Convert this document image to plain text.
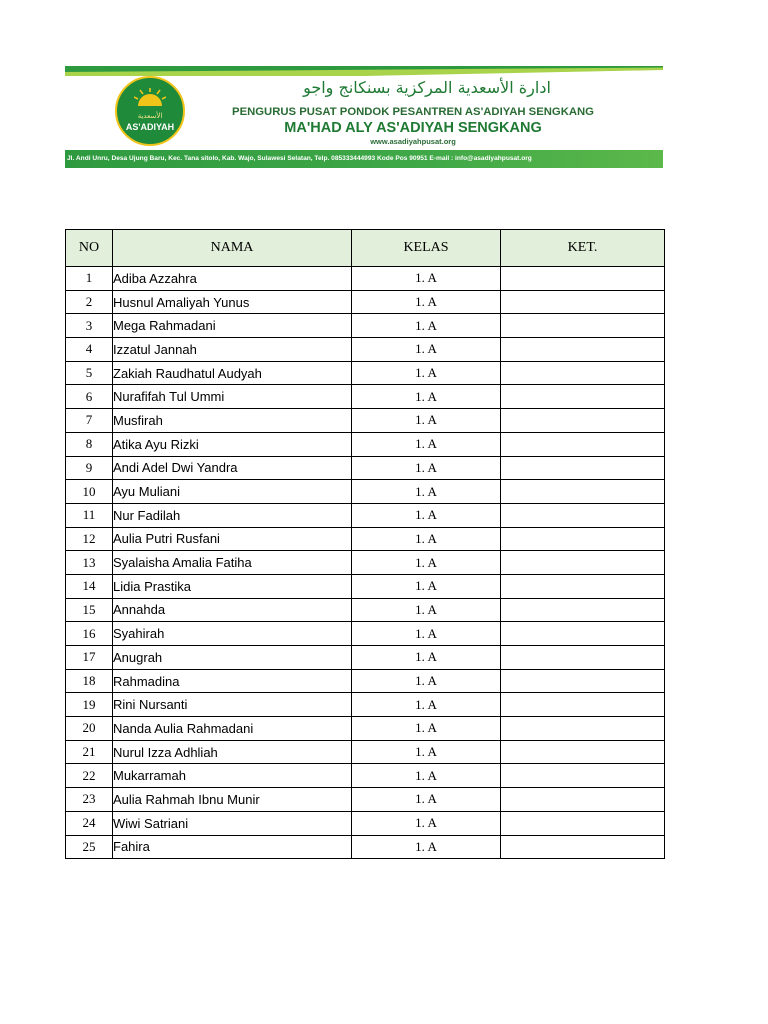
الأسعدية
AS'ADIYAH
ادارة الأسعدية المركزية بسنكانج واجو
PENGURUS PUSAT PONDOK PESANTREN AS'ADIYAH SENGKANG
MA'HAD ALY AS'ADIYAH SENGKANG
www.asadiyahpusat.org
Jl. Andi Unru, Desa Ujung Baru, Kec. Tana sitolo, Kab. Wajo, Sulawesi Selatan, Telp. 085333444993 Kode Pos 90951 E-mail : info@asadiyahpusat.org
NO	NAMA	KELAS	KET.
1	Adiba Azzahra	1. A	
2	Husnul Amaliyah Yunus	1. A	
3	Mega Rahmadani	1. A	
4	Izzatul Jannah	1. A	
5	Zakiah Raudhatul Audyah	1. A	
6	Nurafifah Tul Ummi	1. A	
7	Musfirah	1. A	
8	Atika Ayu Rizki	1. A	
9	Andi Adel Dwi Yandra	1. A	
10	Ayu Muliani	1. A	
11	Nur Fadilah	1. A	
12	Aulia Putri Rusfani	1. A	
13	Syalaisha Amalia Fatiha	1. A	
14	Lidia Prastika	1. A	
15	Annahda	1. A	
16	Syahirah	1. A	
17	Anugrah	1. A	
18	Rahmadina	1. A	
19	Rini Nursanti	1. A	
20	Nanda Aulia Rahmadani	1. A	
21	Nurul Izza Adhliah	1. A	
22	Mukarramah	1. A	
23	Aulia Rahmah Ibnu Munir	1. A	
24	Wiwi Satriani	1. A	
25	Fahira	1. A	
